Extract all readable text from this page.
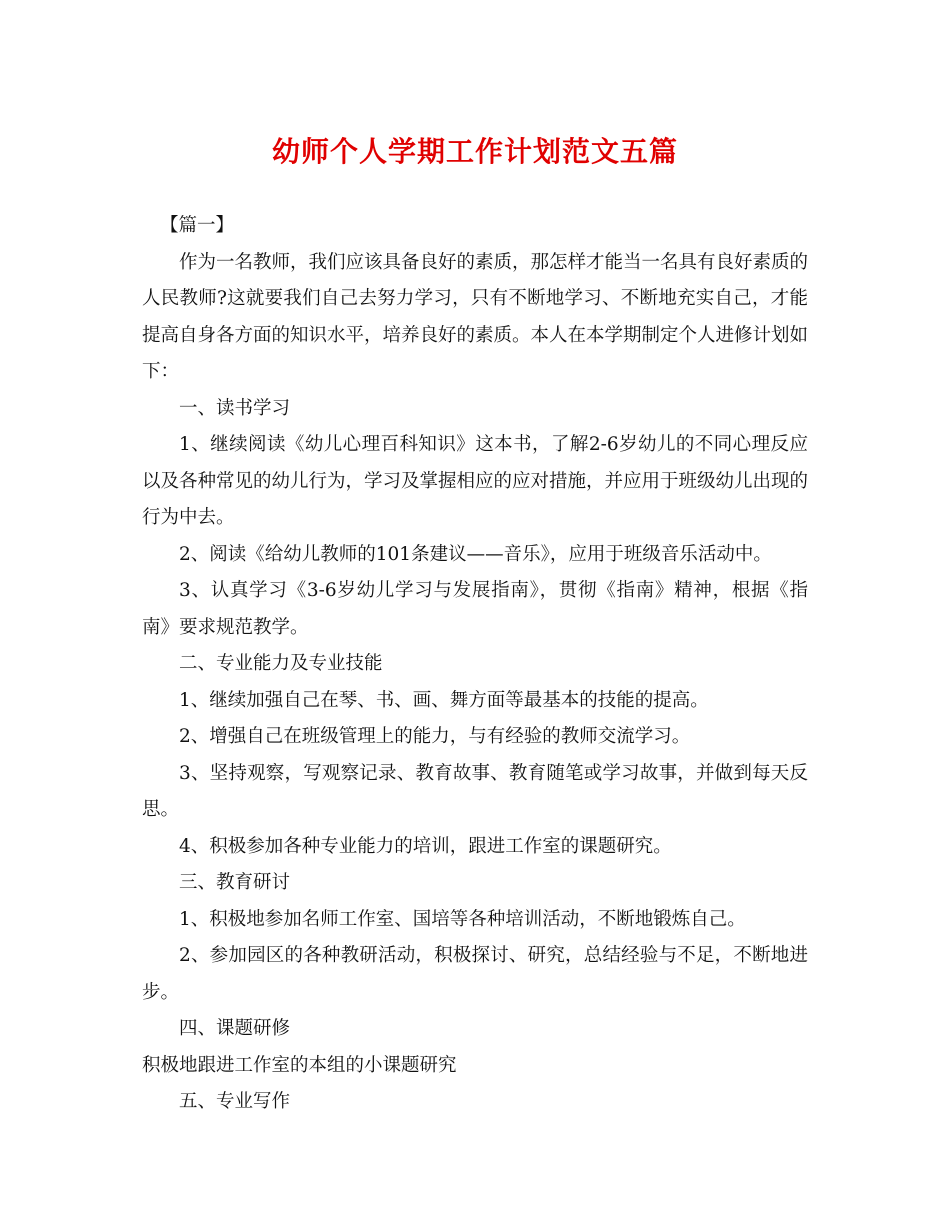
幼师个人学期工作计划范文五篇

【篇一】

作为一名教师，我们应该具备良好的素质，那怎样才能当一名具有良好素质的人民教师?这就要我们自己去努力学习，只有不断地学习、不断地充实自己，才能提高自身各方面的知识水平，培养良好的素质。本人在本学期制定个人进修计划如下：

一、读书学习

1、继续阅读《幼儿心理百科知识》这本书，了解2-6岁幼儿的不同心理反应以及各种常见的幼儿行为，学习及掌握相应的应对措施，并应用于班级幼儿出现的行为中去。

2、阅读《给幼儿教师的101条建议——音乐》，应用于班级音乐活动中。

3、认真学习《3-6岁幼儿学习与发展指南》，贯彻《指南》精神，根据《指南》要求规范教学。

二、专业能力及专业技能

1、继续加强自己在琴、书、画、舞方面等最基本的技能的提高。

2、增强自己在班级管理上的能力，与有经验的教师交流学习。

3、坚持观察，写观察记录、教育故事、教育随笔或学习故事，并做到每天反思。

4、积极参加各种专业能力的培训，跟进工作室的课题研究。

三、教育研讨

1、积极地参加名师工作室、国培等各种培训活动，不断地锻炼自己。

2、参加园区的各种教研活动，积极探讨、研究，总结经验与不足，不断地进步。

四、课题研修

积极地跟进工作室的本组的小课题研究

五、专业写作
